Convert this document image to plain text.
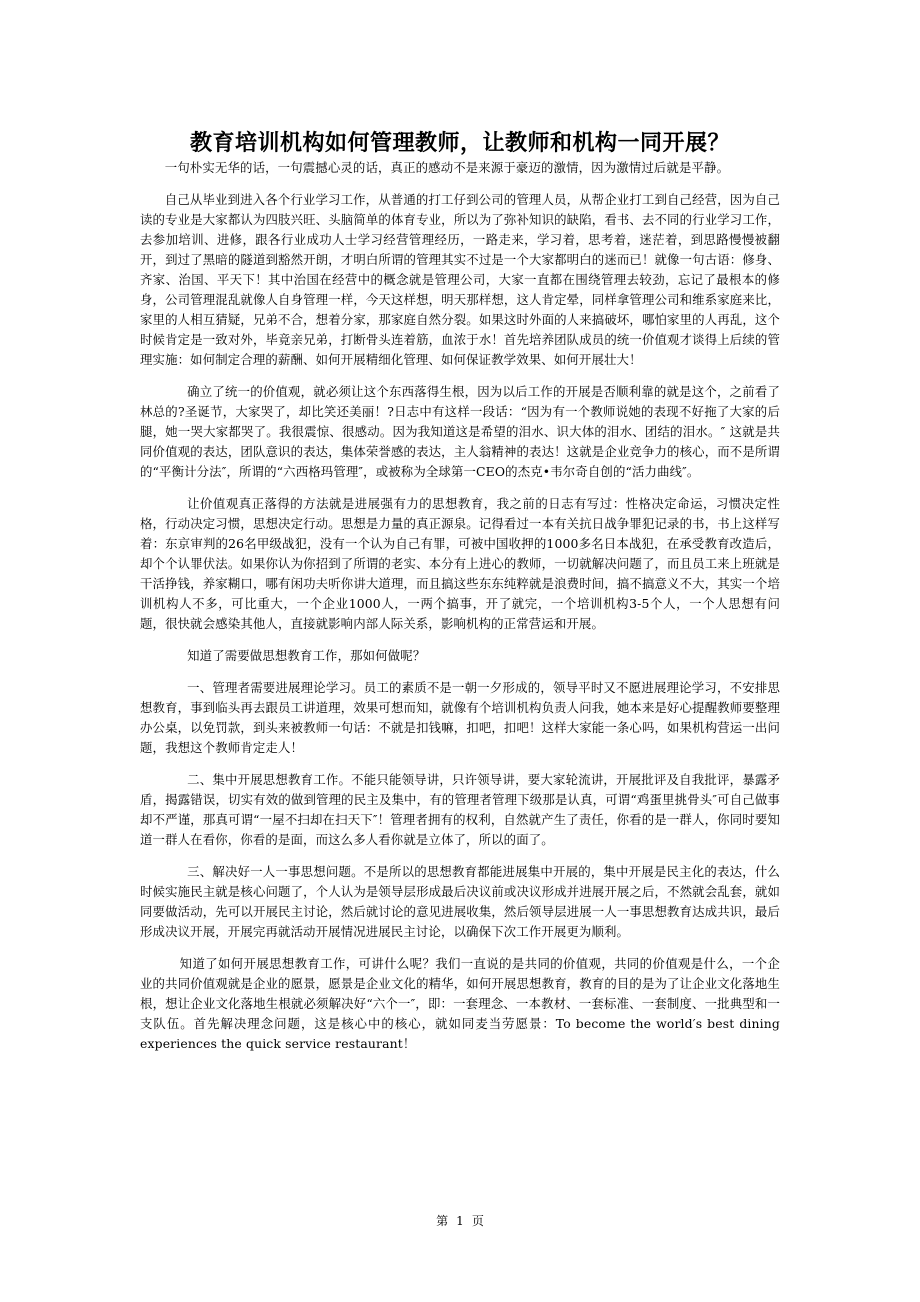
教育培训机构如何管理教师，让教师和机构一同开展？

一句朴实无华的话，一句震撼心灵的话，真正的感动不是来源于豪迈的激情，因为激情过后就是平静。

自己从毕业到进入各个行业学习工作，从普通的打工仔到公司的管理人员，从帮企业打工到自己经营，因为自己读的专业是大家都认为四肢兴旺、头脑简单的体育专业，所以为了弥补知识的缺陷，看书、去不同的行业学习工作，去参加培训、进修，跟各行业成功人士学习经营管理经历，一路走来，学习着，思考着，迷茫着，到思路慢慢被翻开，到过了黑暗的隧道到豁然开朗，才明白所谓的管理其实不过是一个大家都明白的迷而已！就像一句古语：修身、齐家、治国、平天下！其中治国在经营中的概念就是管理公司，大家一直都在围绕管理去较劲，忘记了最根本的修身，公司管理混乱就像人自身管理一样，今天这样想，明天那样想，这人肯定晕，同样拿管理公司和维系家庭来比，家里的人相互猜疑，兄弟不合，想着分家，那家庭自然分裂。如果这时外面的人来搞破坏，哪怕家里的人再乱，这个时候肯定是一致对外，毕竟亲兄弟，打断骨头连着筋，血浓于水！首先培养团队成员的统一价值观才谈得上后续的管理实施：如何制定合理的薪酬、如何开展精细化管理、如何保证教学效果、如何开展壮大！

确立了统一的价值观，就必须让这个东西落得生根，因为以后工作的开展是否顺利靠的就是这个，之前看了林总的?圣诞节，大家哭了，却比笑还美丽！?日志中有这样一段话：“因为有一个教师说她的表现不好拖了大家的后腿，她一哭大家都哭了。我很震惊、很感动。因为我知道这是希望的泪水、识大体的泪水、团结的泪水。″ 这就是共同价值观的表达，团队意识的表达，集体荣誉感的表达，主人翁精神的表达！这就是企业竞争力的核心，而不是所谓的“平衡计分法″，所谓的“六西格玛管理″，或被称为全球第一CEO的杰克•韦尔奇自创的“活力曲线″。

让价值观真正落得的方法就是进展强有力的思想教育，我之前的日志有写过：性格决定命运，习惯决定性格，行动决定习惯，思想决定行动。思想是力量的真正源泉。记得看过一本有关抗日战争罪犯记录的书，书上这样写着：东京审判的26名甲级战犯，没有一个认为自己有罪，可被中国收押的1000多名日本战犯，在承受教育改造后，却个个认罪伏法。如果你认为你招到了所谓的老实、本分有上进心的教师，一切就解决问题了，而且员工来上班就是干活挣钱，养家糊口，哪有闲功夫听你讲大道理，而且搞这些东东纯粹就是浪费时间，搞不搞意义不大，其实一个培训机构人不多，可比重大，一个企业1000人，一两个搞事，开了就完，一个培训机构3-5个人，一个人思想有问题，很快就会感染其他人，直接就影响内部人际关系，影响机构的正常营运和开展。

知道了需要做思想教育工作，那如何做呢？

一、管理者需要进展理论学习。员工的素质不是一朝一夕形成的，领导平时又不愿进展理论学习，不安排思想教育，事到临头再去跟员工讲道理，效果可想而知，就像有个培训机构负责人问我，她本来是好心提醒教师要整理办公桌，以免罚款，到头来被教师一句话：不就是扣钱嘛，扣吧，扣吧！这样大家能一条心吗，如果机构营运一出问题，我想这个教师肯定走人！

二、集中开展思想教育工作。不能只能领导讲，只许领导讲，要大家轮流讲，开展批评及自我批评，暴露矛盾，揭露错误，切实有效的做到管理的民主及集中，有的管理者管理下级那是认真，可谓“鸡蛋里挑骨头″可自己做事却不严谨，那真可谓“一屋不扫却在扫天下″！管理者拥有的权利，自然就产生了责任，你看的是一群人，你同时要知道一群人在看你，你看的是面，而这么多人看你就是立体了，所以的面了。

三、解决好一人一事思想问题。不是所以的思想教育都能进展集中开展的，集中开展是民主化的表达，什么时候实施民主就是核心问题了，个人认为是领导层形成最后决议前或决议形成并进展开展之后，不然就会乱套，就如同要做活动，先可以开展民主讨论，然后就讨论的意见进展收集，然后领导层进展一人一事思想教育达成共识，最后形成决议开展，开展完再就活动开展情况进展民主讨论，以确保下次工作开展更为顺利。

知道了如何开展思想教育工作，可讲什么呢？我们一直说的是共同的价值观，共同的价值观是什么，一个企业的共同价值观就是企业的愿景，愿景是企业文化的精华，如何开展思想教育，教育的目的是为了让企业文化落地生根，想让企业文化落地生根就必须解决好“六个一″，即：一套理念、一本教材、一套标准、一套制度、一批典型和一支队伍。首先解决理念问题，这是核心中的核心，就如同麦当劳愿景：To become the world′s best dining experiences the quick service restaurant！

第 1 页
